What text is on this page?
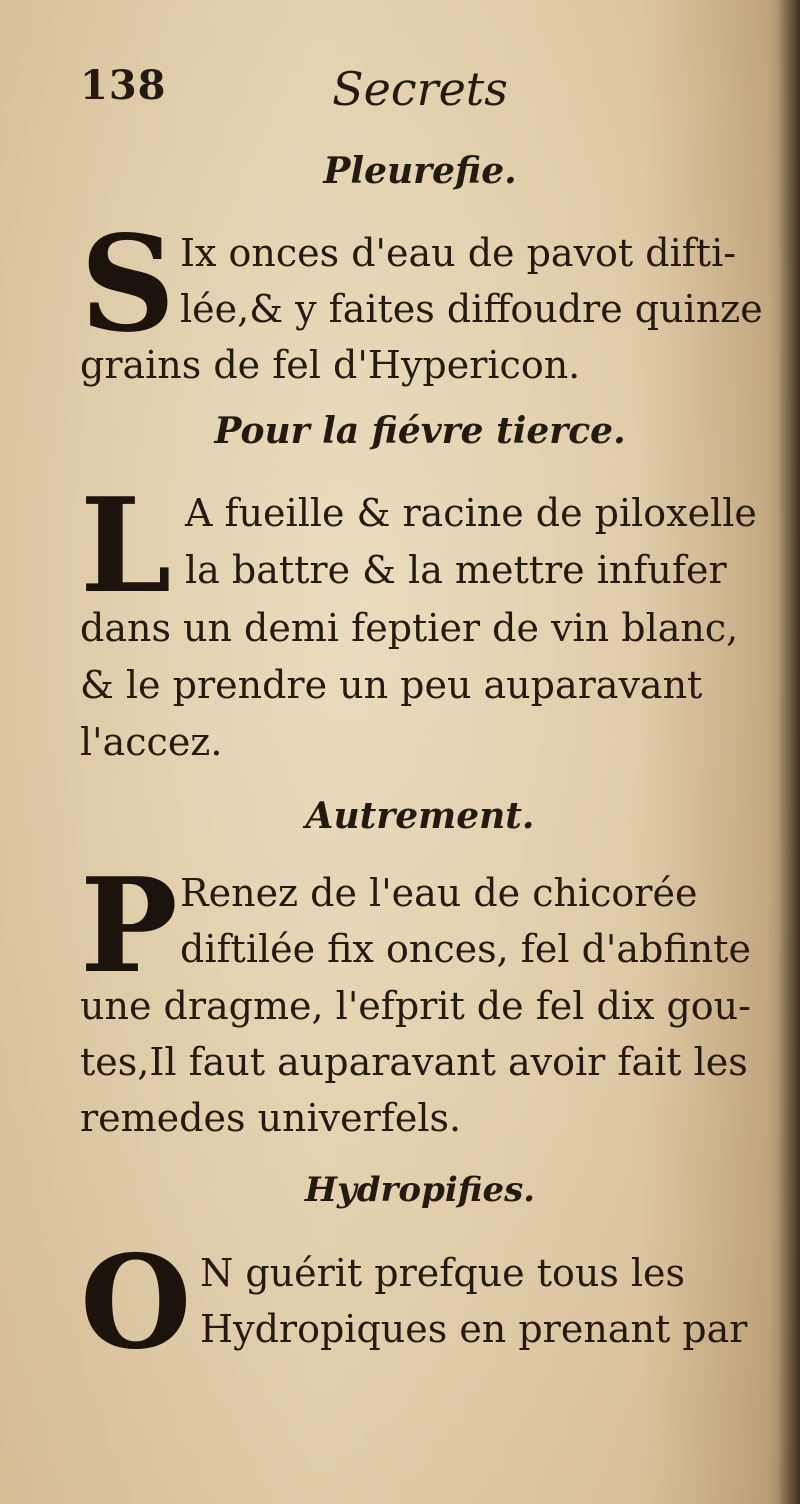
138	Secrets
Pleurefie.
S Ix onces d'eau de pavot difti-
lée,& y faites diffoudre quinze
grains de fel d'Hypericon.
Pour la fiévre tierce.
L A fueille & racine de piloxelle
la battre & la mettre infufer
dans un demi feptier de vin blanc,
& le prendre un peu auparavant
l'accez.
Autrement.
P Renez de l'eau de chicorée
diftilée fix onces, fel d'abfinte
une dragme, l'efprit de fel dix gou-
tes,Il faut auparavant avoir fait les
remedes univerfels.
Hydropifies.
O N guérit prefque tous les
Hydropiques en prenant par
